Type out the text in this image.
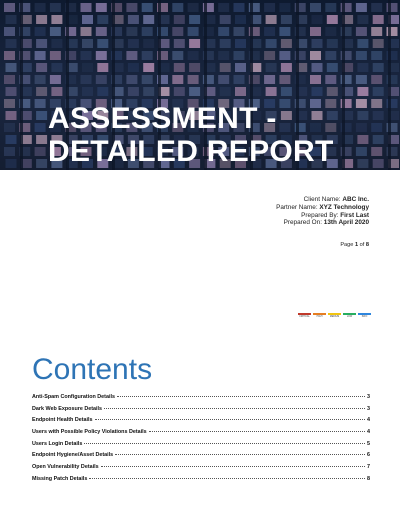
ASSESSMENT -
DETAILED REPORT
Client Name: ABC Inc.
Partner Name: XYZ Technology
Prepared By: First Last
Prepared On: 13th April 2020
Page 1 of 8
CRITICAL	HIGH	MEDIUM	LOW	INFO
Contents
Anti-Spam Configuration Details	3
Dark Web Exposure Details	3
Endpoint Health Details	4
Users with Possible Policy Violations Details	4
Users Login Details	5
Endpoint Hygiene/Asset Details	6
Open Vulnerability Details	7
Missing Patch Details	8
